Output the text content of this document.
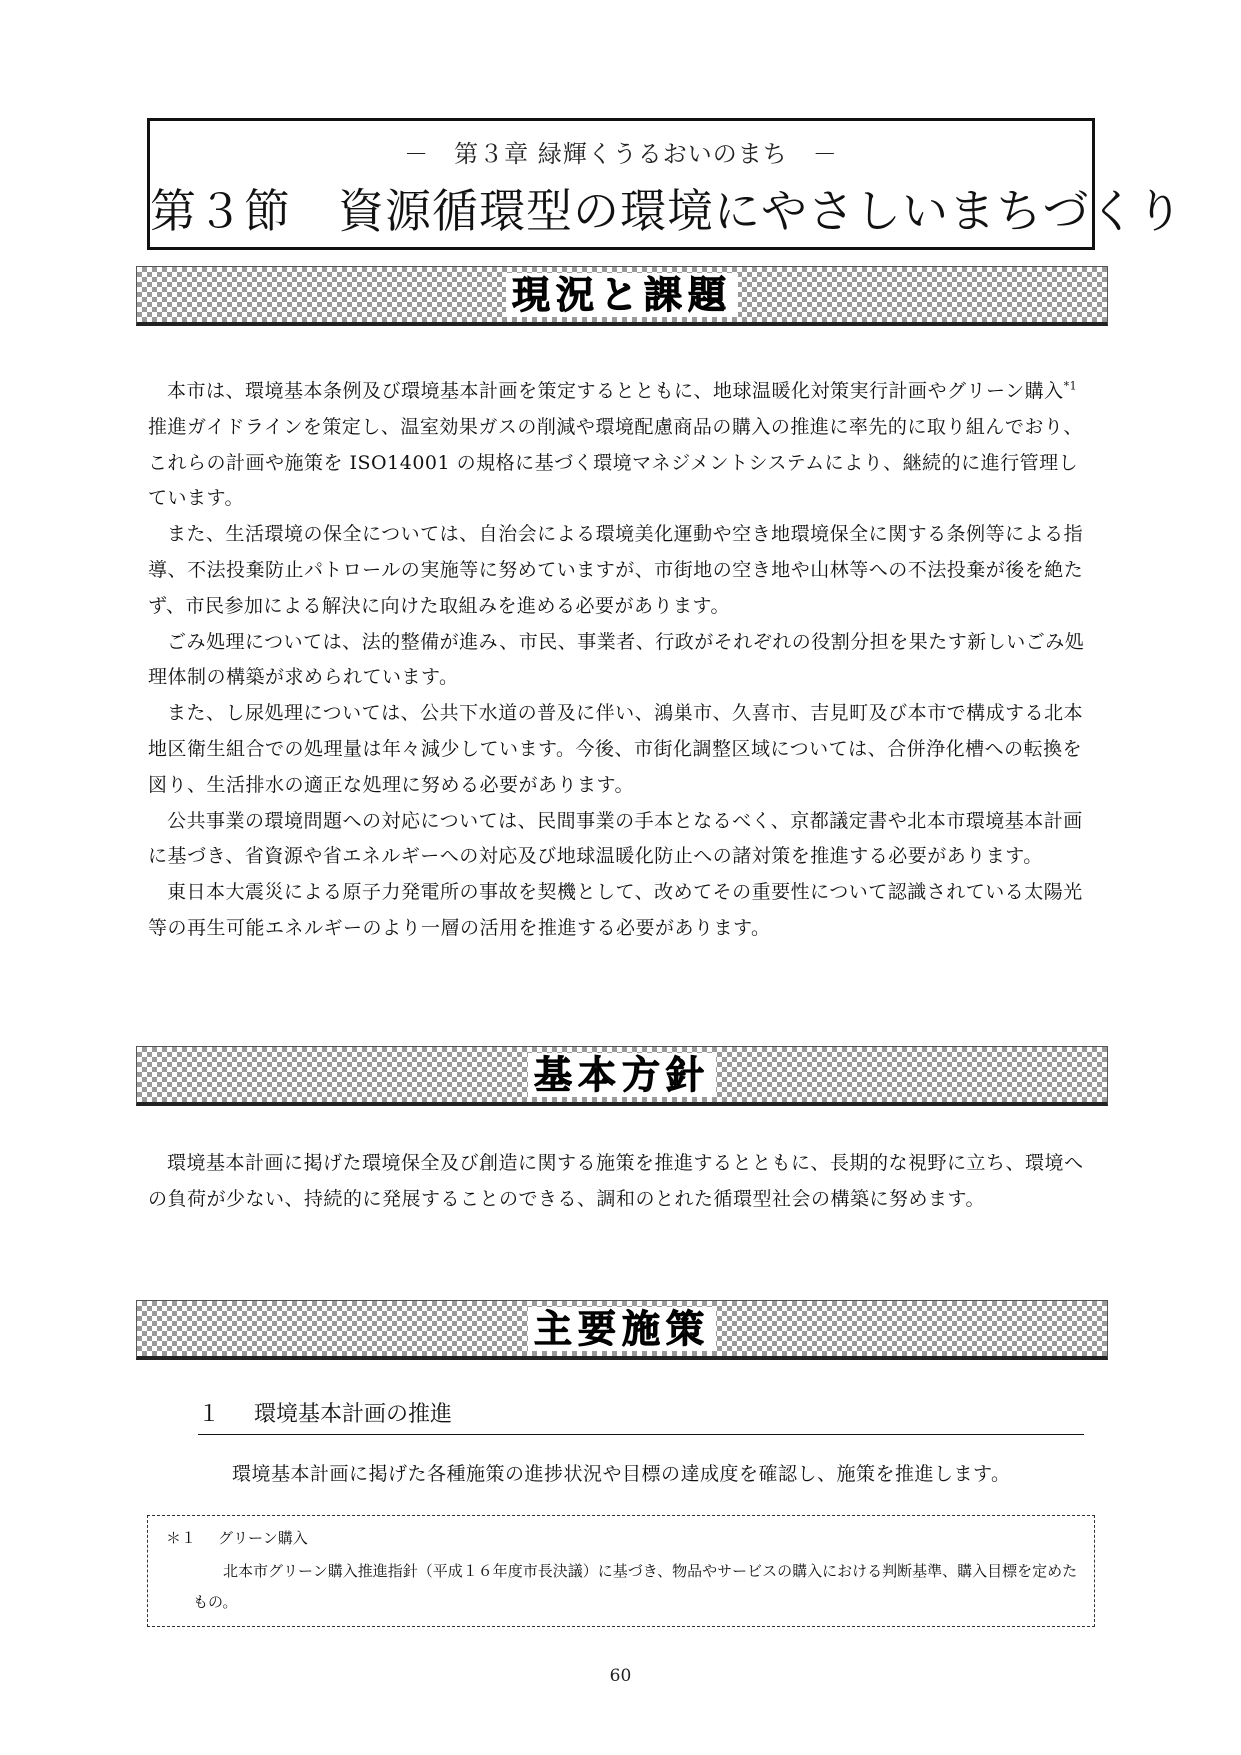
－　第３章 緑輝くうるおいのまち　－
第３節　資源循環型の環境にやさしいまちづくり
現況と課題

本市は、環境基本条例及び環境基本計画を策定するとともに、地球温暖化対策実行計画やグリーン購入$^{*1}$推進ガイドラインを策定し、温室効果ガスの削減や環境配慮商品の購入の推進に率先的に取り組んでおり、これらの計画や施策を ISO14001 の規格に基づく環境マネジメントシステムにより、継続的に進行管理しています。

また、生活環境の保全については、自治会による環境美化運動や空き地環境保全に関する条例等による指導、不法投棄防止パトロールの実施等に努めていますが、市街地の空き地や山林等への不法投棄が後を絶たず、市民参加による解決に向けた取組みを進める必要があります。

ごみ処理については、法的整備が進み、市民、事業者、行政がそれぞれの役割分担を果たす新しいごみ処理体制の構築が求められています。

また、し尿処理については、公共下水道の普及に伴い、鴻巣市、久喜市、吉見町及び本市で構成する北本地区衛生組合での処理量は年々減少しています。今後、市街化調整区域については、合併浄化槽への転換を図り、生活排水の適正な処理に努める必要があります。

公共事業の環境問題への対応については、民間事業の手本となるべく、京都議定書や北本市環境基本計画に基づき、省資源や省エネルギーへの対応及び地球温暖化防止への諸対策を推進する必要があります。

東日本大震災による原子力発電所の事故を契機として、改めてその重要性について認識されている太陽光等の再生可能エネルギーのより一層の活用を推進する必要があります。

基本方針

環境基本計画に掲げた環境保全及び創造に関する施策を推進するとともに、長期的な視野に立ち、環境への負荷が少ない、持続的に発展することのできる、調和のとれた循環型社会の構築に努めます。

主要施策
１ 環境基本計画の推進
環境基本計画に掲げた各種施策の進捗状況や目標の達成度を確認し、施策を推進します。
＊１ グリーン購入
北本市グリーン購入推進指針（平成１６年度市長決議）に基づき、物品やサービスの購入における判断基準、購入目標を定めたもの。
60
